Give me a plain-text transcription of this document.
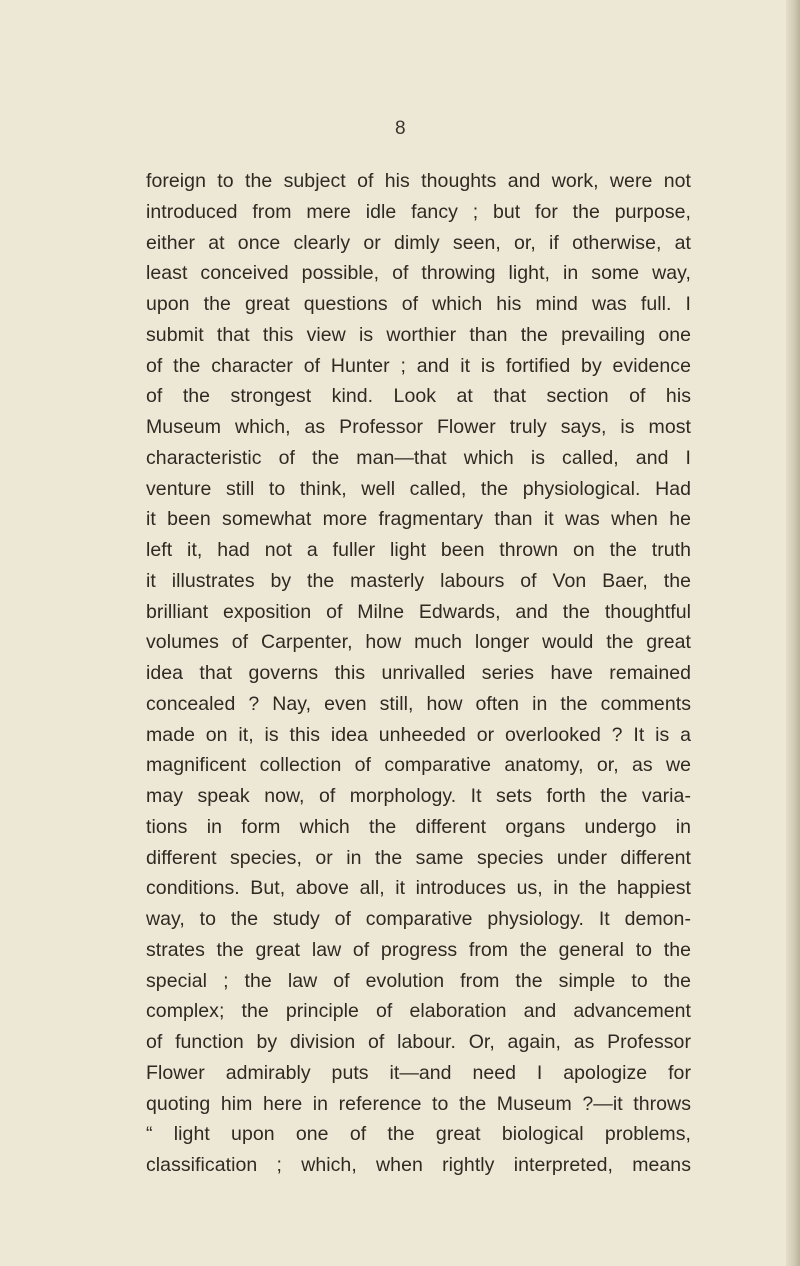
8
foreign to the subject of his thoughts and work, were not
introduced from mere idle fancy ; but for the purpose,
either at once clearly or dimly seen, or, if otherwise, at
least conceived possible, of throwing light, in some way,
upon the great questions of which his mind was full. I
submit that this view is worthier than the prevailing one
of the character of Hunter ; and it is fortified by evidence
of the strongest kind. Look at that section of his
Museum which, as Professor Flower truly says, is most
characteristic of the man—that which is called, and I
venture still to think, well called, the physiological. Had
it been somewhat more fragmentary than it was when he
left it, had not a fuller light been thrown on the truth
it illustrates by the masterly labours of Von Baer, the
brilliant exposition of Milne Edwards, and the thoughtful
volumes of Carpenter, how much longer would the great
idea that governs this unrivalled series have remained
concealed ? Nay, even still, how often in the comments
made on it, is this idea unheeded or overlooked ? It is a
magnificent collection of comparative anatomy, or, as we
may speak now, of morphology. It sets forth the varia-
tions in form which the different organs undergo in
different species, or in the same species under different
conditions. But, above all, it introduces us, in the happiest
way, to the study of comparative physiology. It demon-
strates the great law of progress from the general to the
special ; the law of evolution from the simple to the
complex; the principle of elaboration and advancement
of function by division of labour. Or, again, as Professor
Flower admirably puts it—and need I apologize for
quoting him here in reference to the Museum ?—it throws
“ light upon one of the great biological problems,
classification ; which, when rightly interpreted, means
